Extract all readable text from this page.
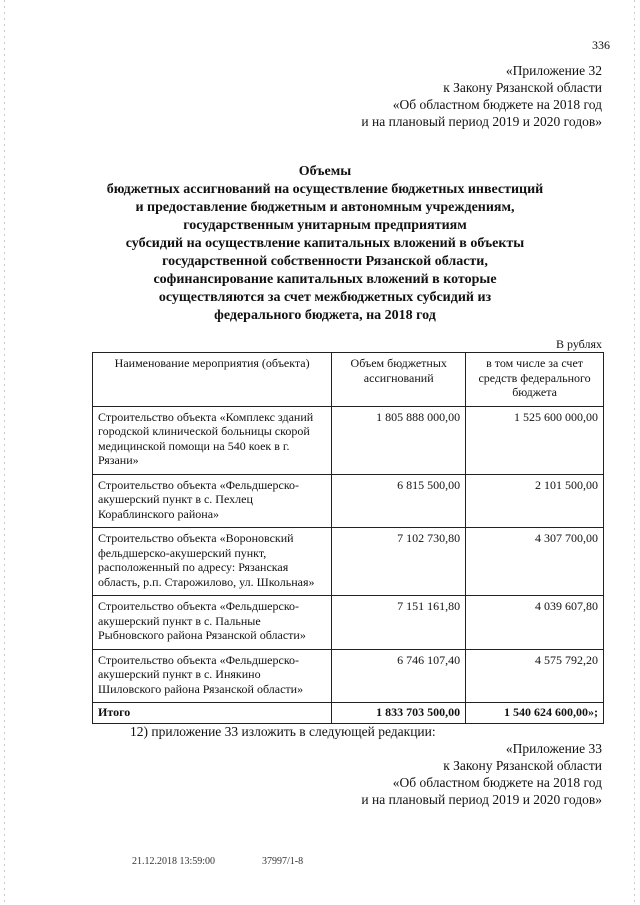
336
«Приложение 32
к Закону Рязанской области
«Об областном бюджете на 2018 год
и на плановый период 2019 и 2020 годов»
Объемы
бюджетных ассигнований на осуществление бюджетных инвестиций
и предоставление бюджетным и автономным учреждениям,
государственным унитарным предприятиям
субсидий на осуществление капитальных вложений в объекты
государственной собственности Рязанской области,
софинансирование капитальных вложений в которые
осуществляются за счет межбюджетных субсидий из
федерального бюджета, на 2018 год
В рублях
Наименование мероприятия (объекта)	Объем бюджетных ассигнований	в том числе за счет средств федерального бюджета
Строительство объекта «Комплекс зданий городской клинической больницы скорой медицинской помощи на 540 коек в г. Рязани»	1 805 888 000,00	1 525 600 000,00
Строительство объекта «Фельдшерско-акушерский пункт в с. Пехлец Кораблинского района»	6 815 500,00	2 101 500,00
Строительство объекта «Вороновский фельдшерско-акушерский пункт, расположенный по адресу: Рязанская область, р.п. Старожилово, ул. Школьная»	7 102 730,80	4 307 700,00
Строительство объекта «Фельдшерско-акушерский пункт в с. Пальные Рыбновского района Рязанской области»	7 151 161,80	4 039 607,80
Строительство объекта «Фельдшерско-акушерский пункт в с. Инякино Шиловского района Рязанской области»	6 746 107,40	4 575 792,20
Итого	1 833 703 500,00	1 540 624 600,00»;
12) приложение 33 изложить в следующей редакции:
«Приложение 33
к Закону Рязанской области
«Об областном бюджете на 2018 год
и на плановый период 2019 и 2020 годов»
21.12.2018 13:59:00	37997/1-8
